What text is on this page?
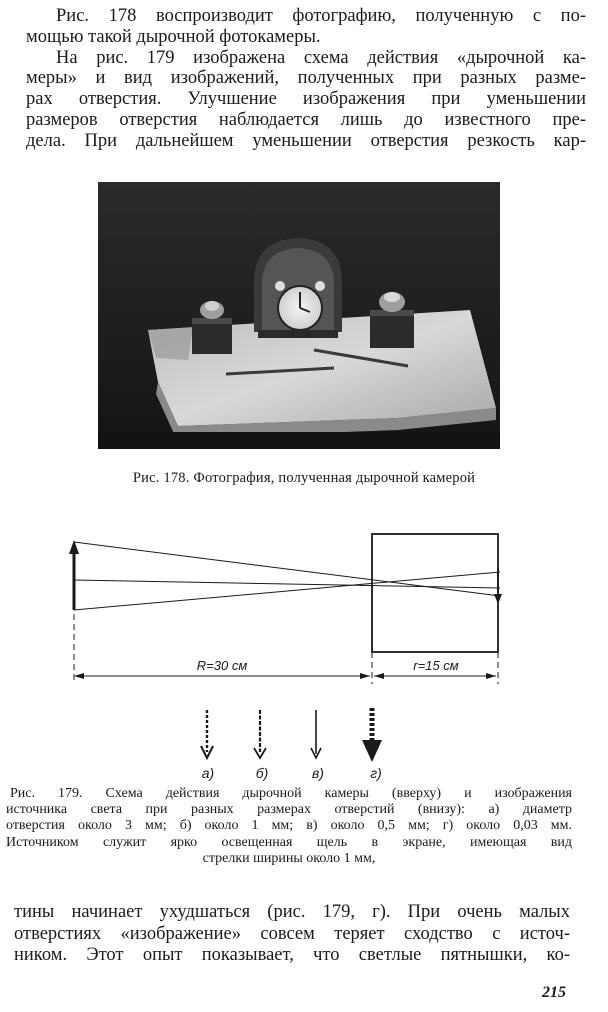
Рис. 178 воспроизводит фотографию, полученную с по-
мощью такой дырочной фотокамеры.
На рис. 179 изображена схема действия «дырочной ка-
меры» и вид изображений, полученных при разных разме-
рах отверстия. Улучшение изображения при уменьшении
размеров отверстия наблюдается лишь до известного пре-
дела. При дальнейшем уменьшении отверстия резкость кар-
Рис. 178. Фотография, полученная дырочной камерой
R=30 см	r=15 см
а)	б)	в)	г)
Рис. 179. Схема действия дырочной камеры (вверху) и изображения
источника света при разных размерах отверстий (внизу): а) диаметр
отверстия около 3 мм; б) около 1 мм; в) около 0,5 мм; г) около 0,03 мм.
Источником служит ярко освещенная щель в экране, имеющая вид
стрелки ширины около 1 мм,
тины начинает ухудшаться (рис. 179, г). При очень малых
отверстиях «изображение» совсем теряет сходство с источ-
ником. Этот опыт показывает, что светлые пятнышки, ко-
215
